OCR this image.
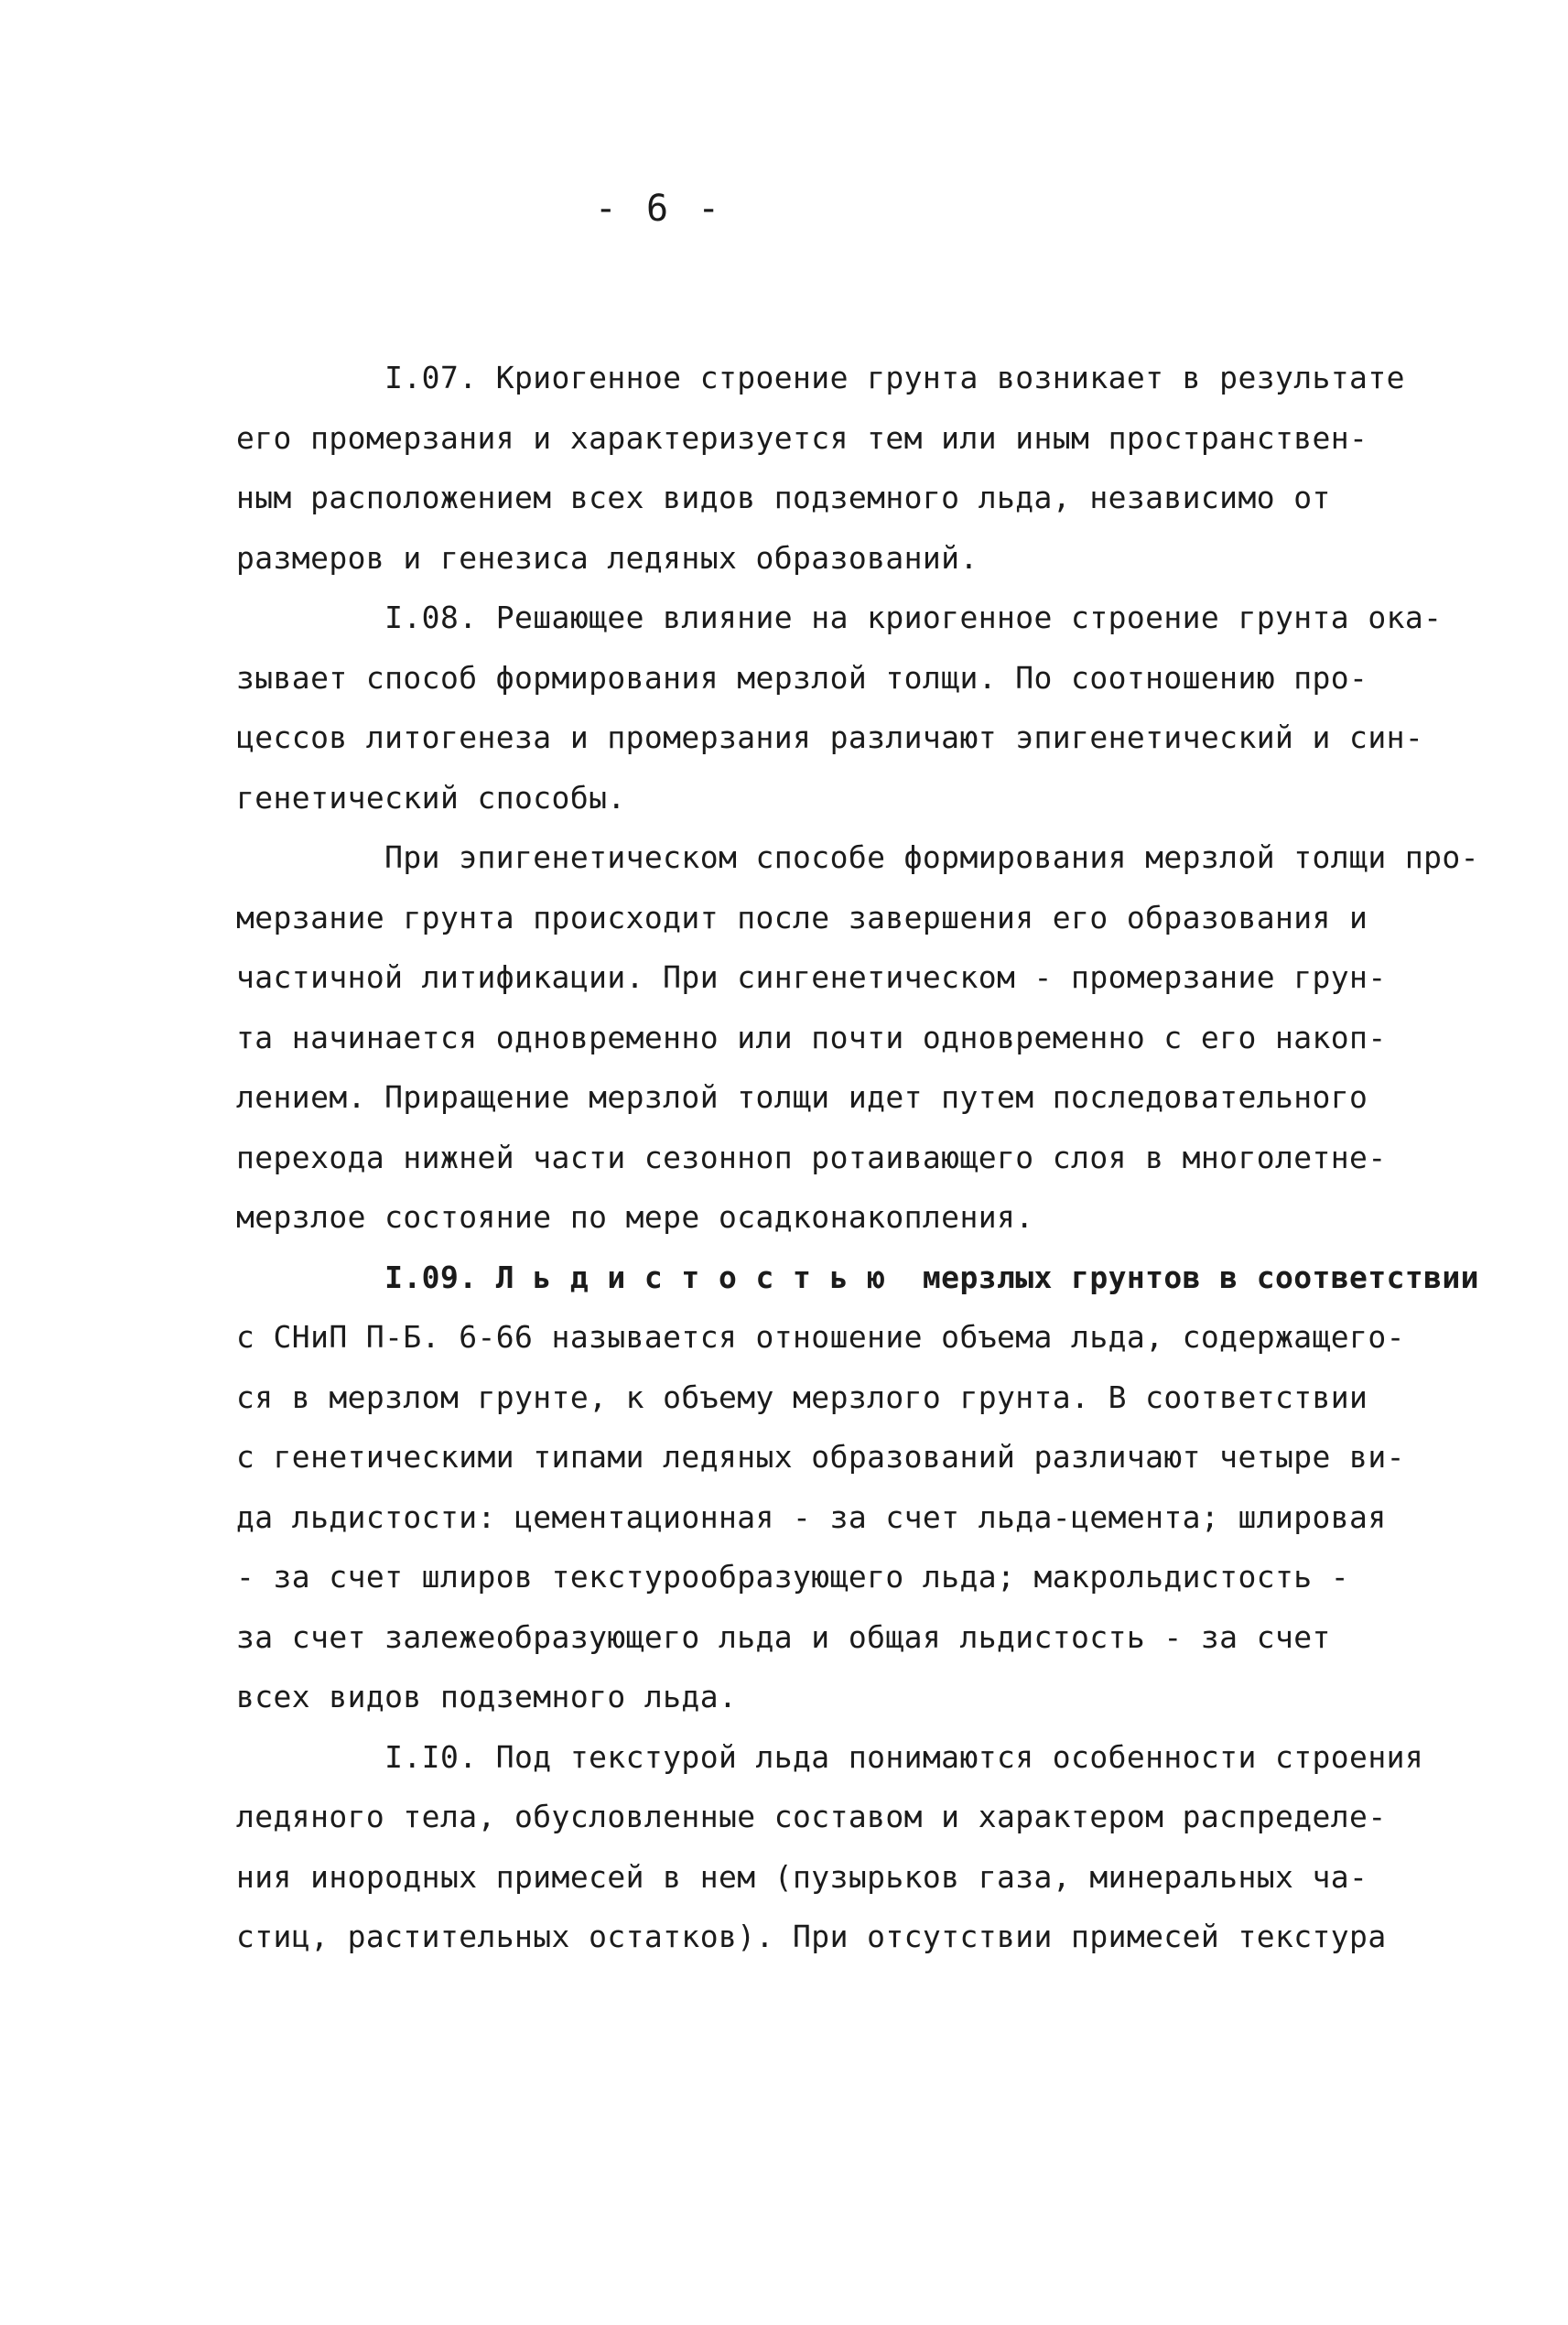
- 6 -
I.07. Криогенное строение грунта возникает в результате
его промерзания и характеризуется тем или иным пространствен-
ным расположением всех видов подземного льда, независимо от
размеров и генезиса ледяных образований.
I.08. Решающее влияние на криогенное строение грунта ока-
зывает способ формирования мерзлой толщи. По соотношению про-
цессов литогенеза и промерзания различают эпигенетический и син-
генетический способы.
При эпигенетическом способе формирования мерзлой толщи про-
мерзание грунта происходит после завершения его образования и
частичной литификации. При сингенетическом - промерзание грун-
та начинается одновременно или почти одновременно с его накоп-
лением. Приращение мерзлой толщи идет путем последовательного
перехода нижней части сезонноп ротаивающего слоя в многолетне-
мерзлое состояние по мере осадконакопления.
I.09. Л ь д и с т о с т ь ю  мерзлых грунтов в соответствии
с СНиП П-Б. 6-66 называется отношение объема льда, содержащего-
ся в мерзлом грунте, к объему мерзлого грунта. В соответствии
с генетическими типами ледяных образований различают четыре ви-
да льдистости: цементационная - за счет льда-цемента; шлировая
- за счет шлиров текстурообразующего льда; макрольдистость -
за счет залежеобразующего льда и общая льдистость - за счет
всех видов подземного льда.
I.I0. Под текстурой льда понимаются особенности строения
ледяного тела, обусловленные составом и характером распределе-
ния инородных примесей в нем (пузырьков газа, минеральных ча-
стиц, растительных остатков). При отсутствии примесей текстура
